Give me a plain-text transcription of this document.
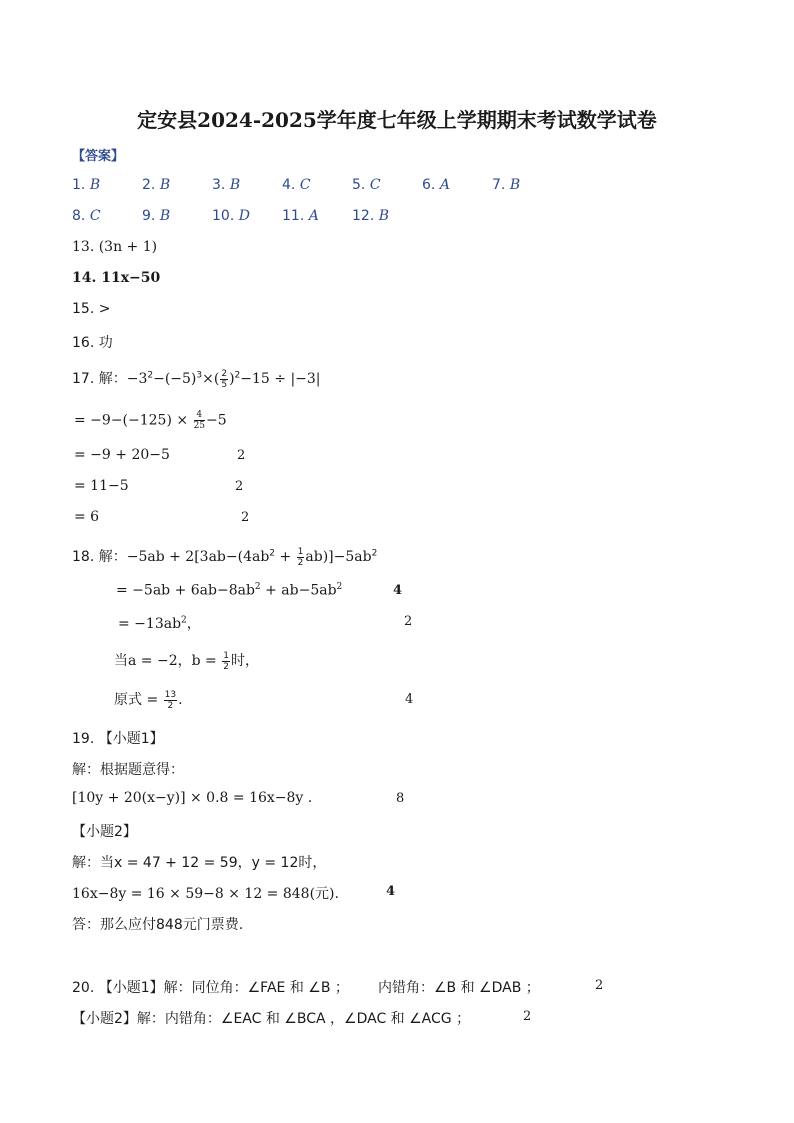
定安县2024-2025学年度七年级上学期期末考试数学试卷
【答案】
1. B	2. B	3. B	4. C	5. C	6. A	7. B
8. C	9. B	10. D 11. A 12. B
13. (3n + 1)
14. 11x−50
15. >
16. 功
17. 解：$-3^2-(-5)^3\times( \frac{2}{5} )^2-15 \div |-3|$
= $-9-(-125) \times \frac{4}{25} -5$
= −9 + 20−5	2
= 11−5	2
= 6	2
18. 解：$-5ab + 2[3ab-(4ab^2 + \frac{1}{2} ab)]-5ab^2$
= $-5ab + 6ab-8ab^2 + ab-5ab^2$	4
= $-13ab^2$，	2
当a = −2，$b = \frac{1}{2}$ 时，
原式 = $\frac{13}{2}$ .	4
19. 【小题1】
解：根据题意得：
[10y + 20(x−y)] × 0.8 = 16x−8y .	8
【小题2】
解：当x = 47 + 12 = 59，y = 12时，
16x−8y = 16 × 59−8 × 12 = 848(元).	4
答：那么应付848元门票费.
20. 【小题1】解：同位角：∠FAE 和 ∠B ； 内错角：∠B 和 ∠DAB ；	2
【小题2】解：内错角：∠EAC 和 ∠BCA ，∠DAC 和 ∠ACG ；	2
